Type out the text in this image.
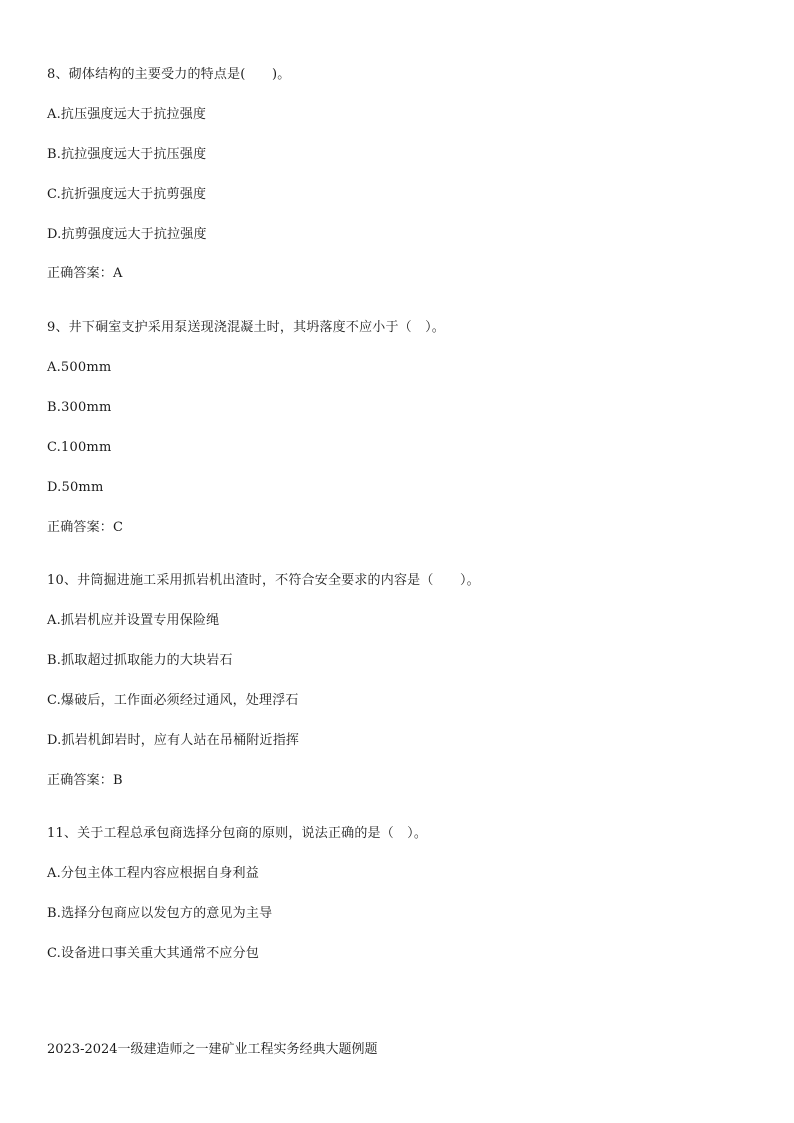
8、砌体结构的主要受力的特点是(　　)。
A.抗压强度远大于抗拉强度
B.抗拉强度远大于抗压强度
C.抗折强度远大于抗剪强度
D.抗剪强度远大于抗拉强度
正确答案：A
9、井下硐室支护采用泵送现浇混凝土时，其坍落度不应小于（　）。
A.500mm
B.300mm
C.100mm
D.50mm
正确答案：C
10、井筒掘进施工采用抓岩机出渣时，不符合安全要求的内容是（　　）。
A.抓岩机应并设置专用保险绳
B.抓取超过抓取能力的大块岩石
C.爆破后，工作面必须经过通风，处理浮石
D.抓岩机卸岩时，应有人站在吊桶附近指挥
正确答案：B
11、关于工程总承包商选择分包商的原则，说法正确的是（　）。
A.分包主体工程内容应根据自身利益
B.选择分包商应以发包方的意见为主导
C.设备进口事关重大其通常不应分包
2023-2024一级建造师之一建矿业工程实务经典大题例题
